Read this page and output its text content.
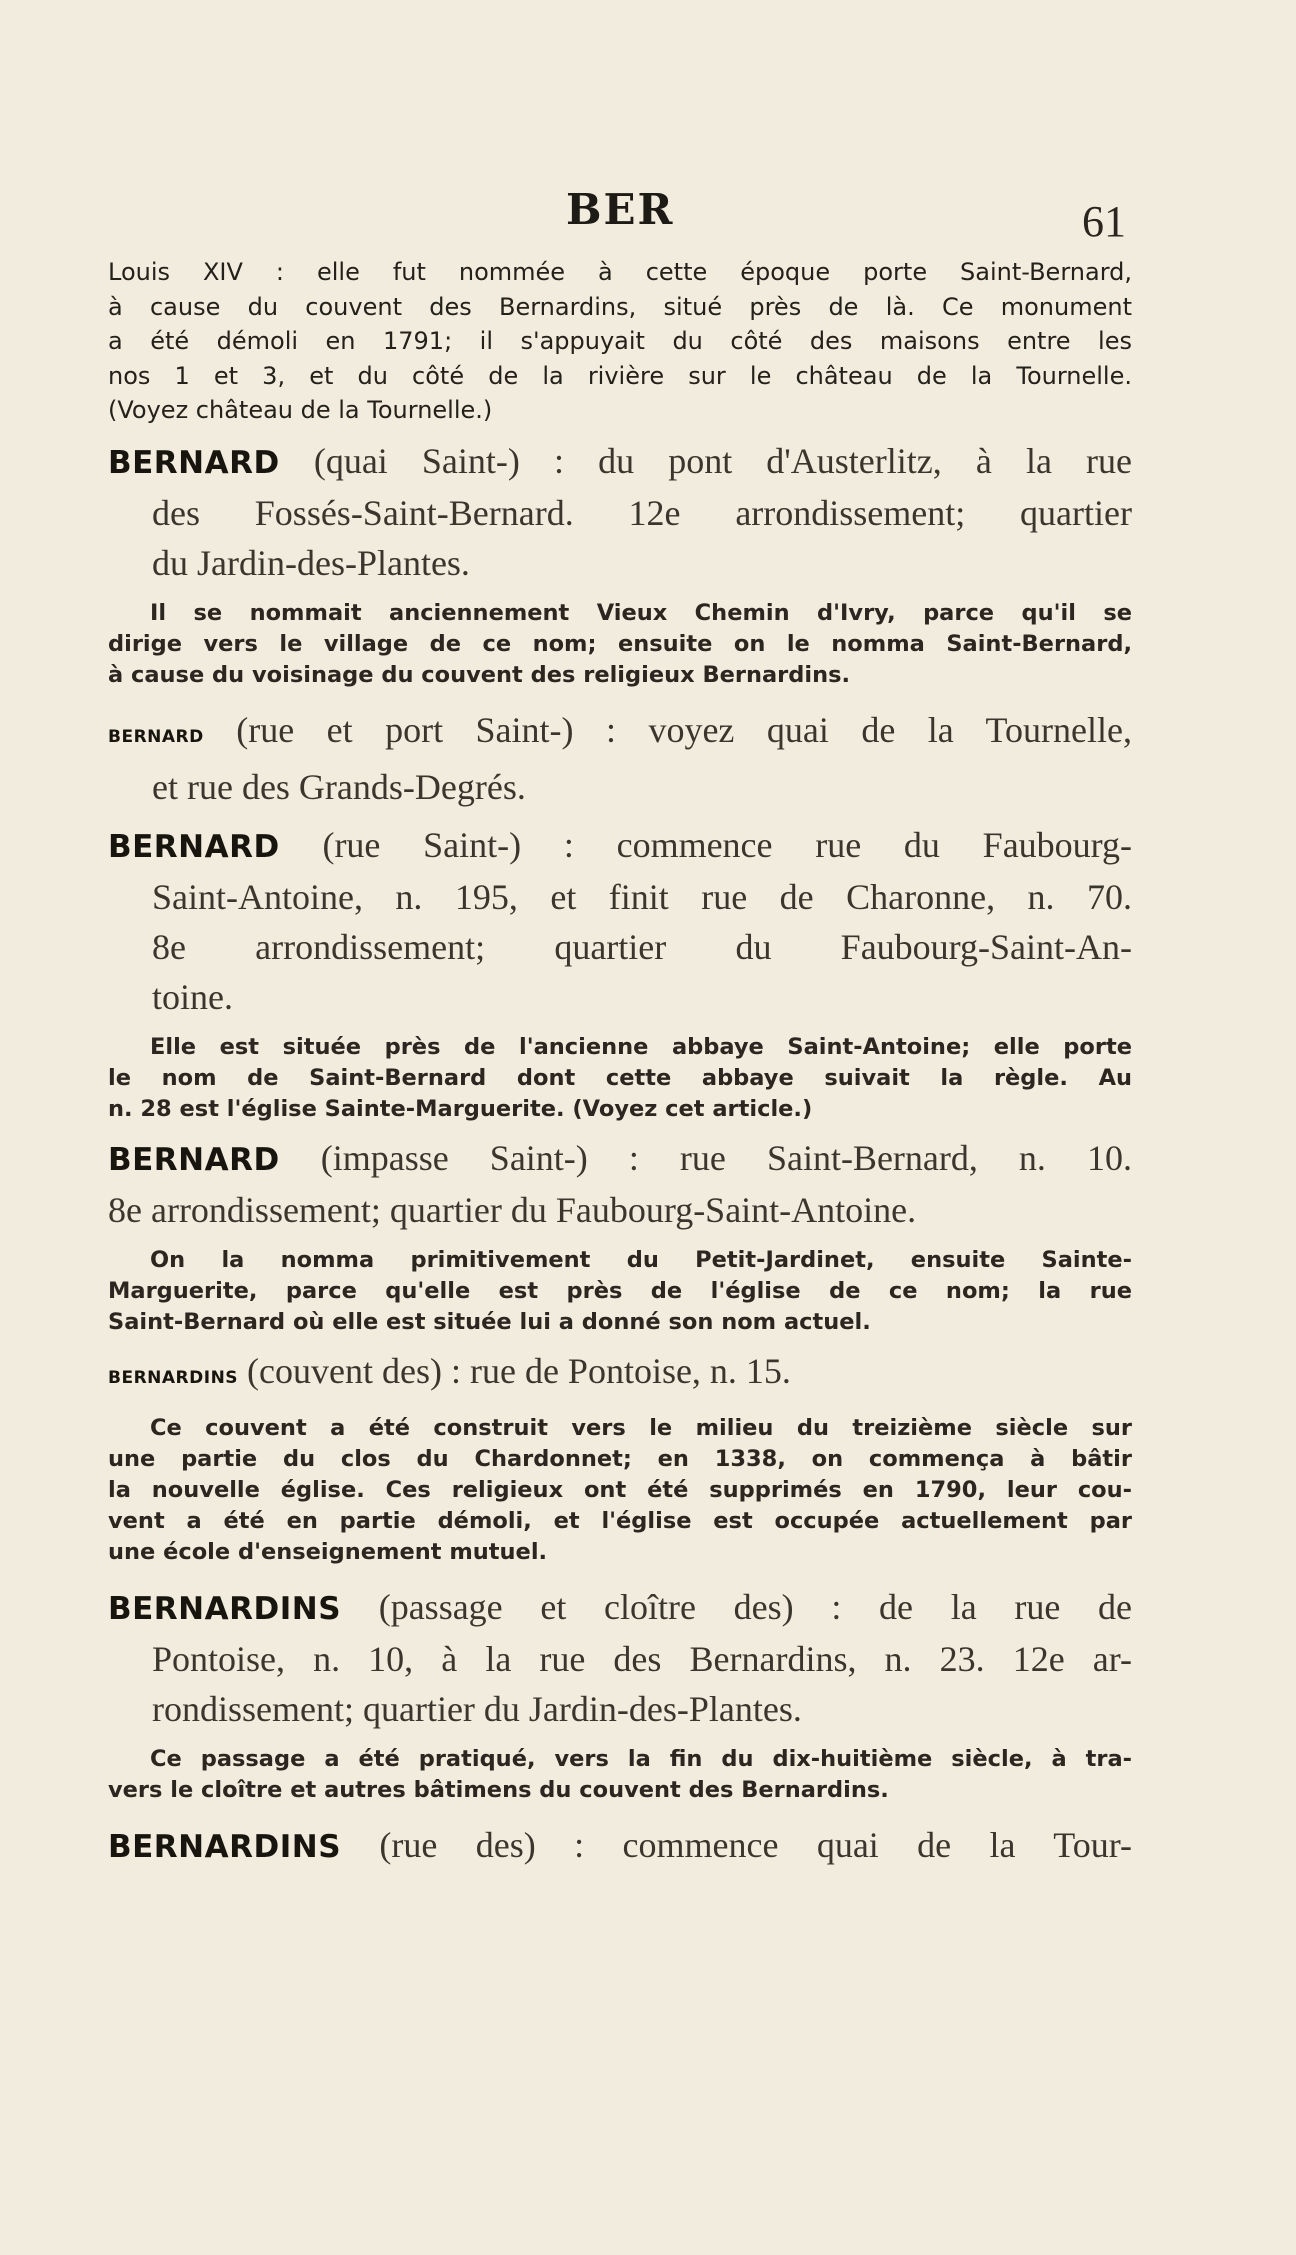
BER	61

Louis XIV : elle fut nommée à cette époque porte Saint-Bernard,
à cause du couvent des Bernardins, situé près de là. Ce monument
a été démoli en 1791; il s'appuyait du côté des maisons entre les
nos 1 et 3, et du côté de la rivière sur le château de la Tournelle.
(Voyez château de la Tournelle.)

BERNARD (quai Saint-) : du pont d'Austerlitz, à la rue
des Fossés-Saint-Bernard. 12e arrondissement; quartier
du Jardin-des-Plantes.
Il se nommait anciennement Vieux Chemin d'Ivry, parce qu'il se
dirige vers le village de ce nom; ensuite on le nomma Saint-Bernard,
à cause du voisinage du couvent des religieux Bernardins.
BERNARD (rue et port Saint-) : voyez quai de la Tournelle,
et rue des Grands-Degrés.
BERNARD (rue Saint-) : commence rue du Faubourg-
Saint-Antoine, n. 195, et finit rue de Charonne, n. 70.
8e arrondissement; quartier du Faubourg-Saint-An-
toine.
Elle est située près de l'ancienne abbaye Saint-Antoine; elle porte
le nom de Saint-Bernard dont cette abbaye suivait la règle. Au
n. 28 est l'église Sainte-Marguerite. (Voyez cet article.)
BERNARD (impasse Saint-) : rue Saint-Bernard, n. 10.
8e arrondissement; quartier du Faubourg-Saint-Antoine.
On la nomma primitivement du Petit-Jardinet, ensuite Sainte-
Marguerite, parce qu'elle est près de l'église de ce nom; la rue
Saint-Bernard où elle est située lui a donné son nom actuel.
BERNARDINS (couvent des) : rue de Pontoise, n. 15.
Ce couvent a été construit vers le milieu du treizième siècle sur
une partie du clos du Chardonnet; en 1338, on commença à bâtir
la nouvelle église. Ces religieux ont été supprimés en 1790, leur cou-
vent a été en partie démoli, et l'église est occupée actuellement par
une école d'enseignement mutuel.
BERNARDINS (passage et cloître des) : de la rue de
Pontoise, n. 10, à la rue des Bernardins, n. 23. 12e ar-
rondissement; quartier du Jardin-des-Plantes.
Ce passage a été pratiqué, vers la fin du dix-huitième siècle, à tra-
vers le cloître et autres bâtimens du couvent des Bernardins.
BERNARDINS (rue des) : commence quai de la Tour-
